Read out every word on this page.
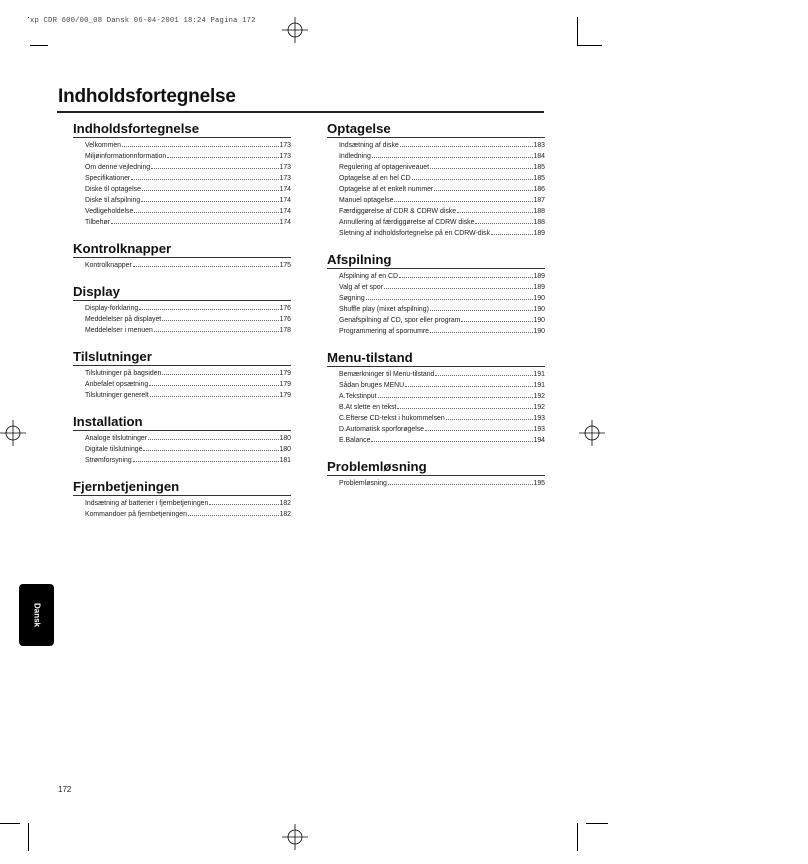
xp CDR 600/00_08 Dansk 06-04-2001 18:24 Pagina 172
Indholdsfortegnelse
Indholdsfortegnelse
Velkommen	173
Miljøinformationnformation	173
Om denne vejledning	173
Specifikationer	173
Diske til optagelse	174
Diske til afspilning	174
Vedligeholdelse	174
Tilbehør	174
Kontrolknapper
Kontrolknapper	175
Display
Display-forklaring	176
Meddelelser på displayet	176
Meddelelser i menuen	178
Tilslutninger
Tilslutninger på bagsiden	179
Anbefalet opsætning	179
Tilslutninger generelt	179
Installation
Analoge tilslutninger	180
Digitale tilslutninge	180
Strømforsyning	181
Fjernbetjeningen
Indsætning af batterier i fjernbetjeningen	182
Kommandoer på fjernbetjeningen	182
Optagelse
Indsætning af diske	183
Indledning	184
Regulering af optageniveauet	185
Optagelse af en hel CD	185
Optagelse af et enkelt nummer	186
Manuel optagelse	187
Færdiggørelse af CDR & CDRW diske	188
Annullering af færdiggørelse af CDRW diske	188
Sletning af indholdsfortegnelse på en CDRW-disk	189
Afspilning
Afspilning af en CD	189
Valg af et spor	189
Søgning	190
Shuffle play (mixet afspilning)	190
Genafspilning af CD, spor eller program	190
Programmering af spornumre	190
Menu-tilstand
Bemærkninger til Menu-tilstand	191
Sådan bruges MENU	191
A.Tekstinput	192
B.At slette en tekst	192
C.Efterse CD-tekst i hukommelsen	193
D.Automatisk sporforøgelse	193
E.Balance	194
Problemløsning
Problemløsning	195
Dansk
172
